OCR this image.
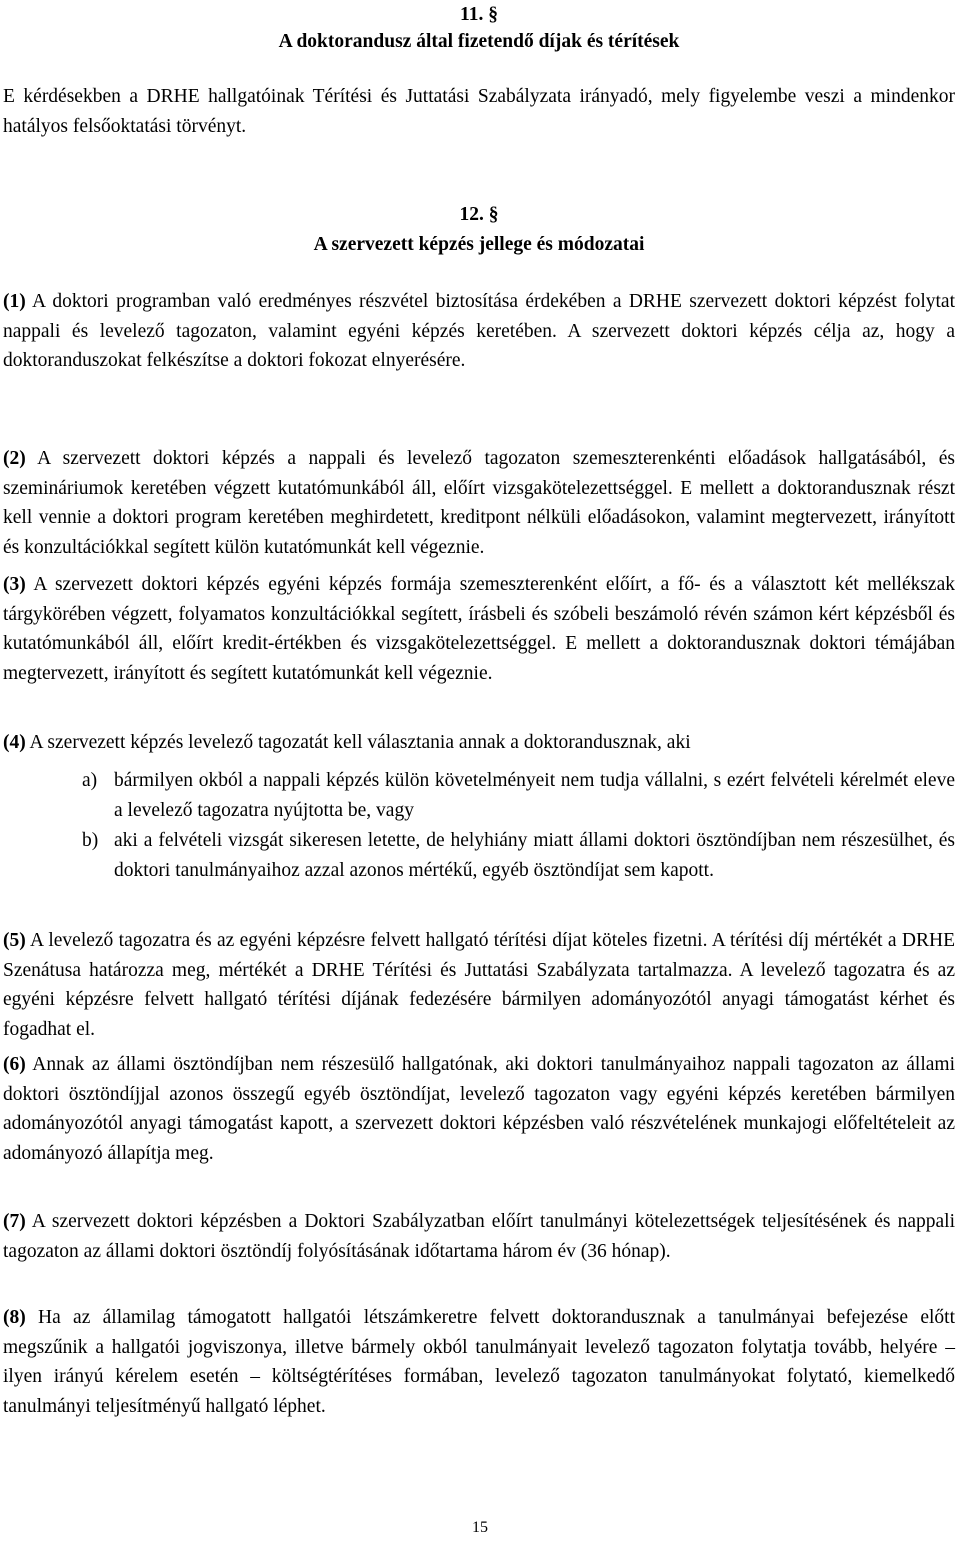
11. §
A doktorandusz által fizetendő díjak és térítések

E kérdésekben a DRHE hallgatóinak Térítési és Juttatási Szabályzata irányadó, mely figyelembe veszi a mindenkor hatályos felsőoktatási törvényt.

12. §
A szervezett képzés jellege és módozatai

(1) A doktori programban való eredményes részvétel biztosítása érdekében a DRHE szervezett doktori képzést folytat nappali és levelező tagozaton, valamint egyéni képzés keretében. A szervezett doktori képzés célja az, hogy a doktoranduszokat felkészítse a doktori fokozat elnyerésére.

(2) A szervezett doktori képzés a nappali és levelező tagozaton szemeszterenkénti előadások hallgatásából, és szemináriumok keretében végzett kutatómunkából áll, előírt vizsgakötelezettséggel. E mellett a doktorandusznak részt kell vennie a doktori program keretében meghirdetett, kreditpont nélküli előadásokon, valamint megtervezett, irányított és konzultációkkal segített külön kutatómunkát kell végeznie.

(3) A szervezett doktori képzés egyéni képzés formája szemeszterenként előírt, a fő- és a választott két mellékszak tárgykörében végzett, folyamatos konzultációkkal segített, írásbeli és szóbeli beszámoló révén számon kért képzésből és kutatómunkából áll, előírt kredit-értékben és vizsgakötelezettséggel. E mellett a doktorandusznak doktori témájában megtervezett, irányított és segített kutatómunkát kell végeznie.

(4) A szervezett képzés levelező tagozatát kell választania annak a doktorandusznak, aki

a) bármilyen okból a nappali képzés külön követelményeit nem tudja vállalni, s ezért felvételi kérelmét eleve a levelező tagozatra nyújtotta be, vagy
b) aki a felvételi vizsgát sikeresen letette, de helyhiány miatt állami doktori ösztöndíjban nem részesülhet, és doktori tanulmányaihoz azzal azonos mértékű, egyéb ösztöndíjat sem kapott.

(5) A levelező tagozatra és az egyéni képzésre felvett hallgató térítési díjat köteles fizetni. A térítési díj mértékét a DRHE Szenátusa határozza meg, mértékét a DRHE Térítési és Juttatási Szabályzata tartalmazza. A levelező tagozatra és az egyéni képzésre felvett hallgató térítési díjának fedezésére bármilyen adományozótól anyagi támogatást kérhet és fogadhat el.

(6) Annak az állami ösztöndíjban nem részesülő hallgatónak, aki doktori tanulmányaihoz nappali tagozaton az állami doktori ösztöndíjjal azonos összegű egyéb ösztöndíjat, levelező tagozaton vagy egyéni képzés keretében bármilyen adományozótól anyagi támogatást kapott, a szervezett doktori képzésben való részvételének munkajogi előfeltételeit az adományozó állapítja meg.

(7) A szervezett doktori képzésben a Doktori Szabályzatban előírt tanulmányi kötelezettségek teljesítésének és nappali tagozaton az állami doktori ösztöndíj folyósításának időtartama három év (36 hónap).

(8) Ha az államilag támogatott hallgatói létszámkeretre felvett doktorandusznak a tanulmányai befejezése előtt megszűnik a hallgatói jogviszonya, illetve bármely okból tanulmányait levelező tagozaton folytatja tovább, helyére – ilyen irányú kérelem esetén – költségtérítéses formában, levelező tagozaton tanulmányokat folytató, kiemelkedő tanulmányi teljesítményű hallgató léphet.

15
